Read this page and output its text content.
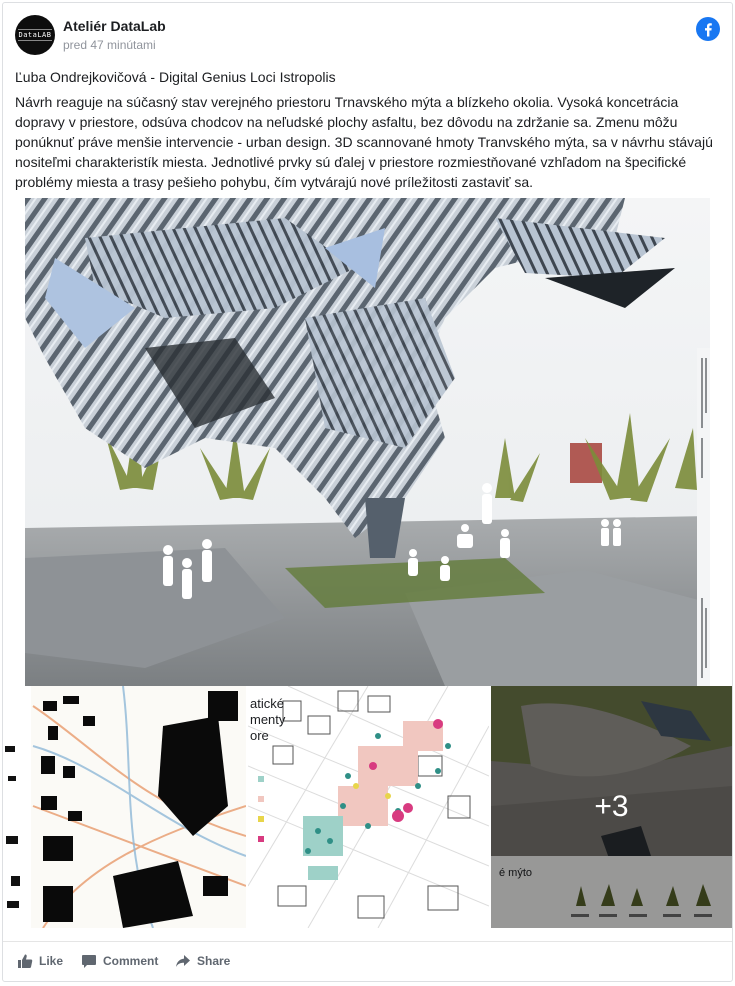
DataLAB
Ateliér DataLab
pred 47 minútami
Ľuba Ondrejkovičová - Digital Genius Loci Istropolis
Návrh reaguje na súčasný stav verejného priestoru Trnavského mýta a blízkeho okolia. Vysoká koncetrácia dopravy v priestore, odsúva chodcov na neľudské plochy asfaltu, bez dôvodu na zdržanie sa. Zmenu môžu ponúknuť práve menšie intervencie - urban design. 3D scannované hmoty Tranvského mýta, sa v návrhu stávajú nositeľmi charakteristík miesta. Jednotlivé prvky sú ďalej v priestore rozmiestňované vzhľadom na špecifické problémy miesta a trasy pešieho pohybu, čím vytvárajú nové príležitosti zastaviť sa.
atické
menty
ore
é mýto
+3
Like	Comment	Share
